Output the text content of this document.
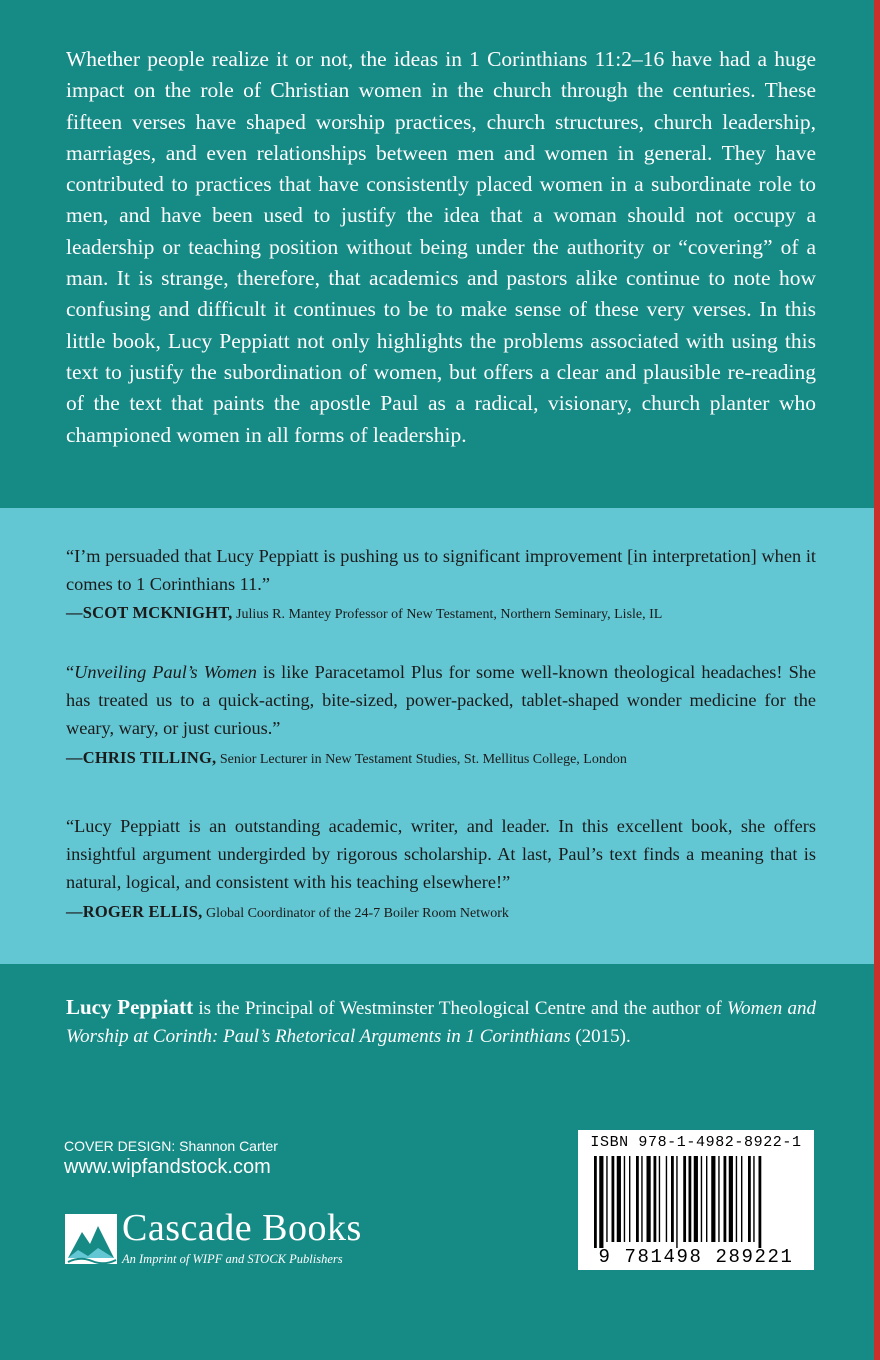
Whether people realize it or not, the ideas in 1 Corinthians 11:2–16 have had a huge impact on the role of Christian women in the church through the centuries. These fifteen verses have shaped worship practices, church structures, church leadership, marriages, and even relationships between men and women in general. They have contributed to practices that have consistently placed women in a subordinate role to men, and have been used to justify the idea that a woman should not occupy a leadership or teaching position without being under the authority or “covering” of a man. It is strange, therefore, that academics and pastors alike continue to note how confusing and difficult it continues to be to make sense of these very verses. In this little book, Lucy Peppiatt not only highlights the problems associated with using this text to justify the subordination of women, but offers a clear and plausible re-reading of the text that paints the apostle Paul as a radical, visionary, church planter who championed women in all forms of leadership.

“I’m persuaded that Lucy Peppiatt is pushing us to significant improvement [in interpretation] when it comes to 1 Corinthians 11.”

—SCOT MCKNIGHT, Julius R. Mantey Professor of New Testament, Northern Seminary, Lisle, IL

“Unveiling Paul’s Women is like Paracetamol Plus for some well-known theological headaches! She has treated us to a quick-acting, bite-sized, power-packed, tablet-shaped wonder medicine for the weary, wary, or just curious.”

—CHRIS TILLING, Senior Lecturer in New Testament Studies, St. Mellitus College, London

“Lucy Peppiatt is an outstanding academic, writer, and leader. In this excellent book, she offers insightful argument undergirded by rigorous scholarship. At last, Paul’s text finds a meaning that is natural, logical, and consistent with his teaching elsewhere!”

—ROGER ELLIS, Global Coordinator of the 24-7 Boiler Room Network

Lucy Peppiatt is the Principal of Westminster Theological Centre and the author of Women and Worship at Corinth: Paul’s Rhetorical Arguments in 1 Corinthians (2015).

COVER DESIGN: Shannon Carter
www.wipfandstock.com
Cascade Books
An Imprint of WIPF and STOCK Publishers
ISBN 978-1-4982-8922-1
9 781498 289221
